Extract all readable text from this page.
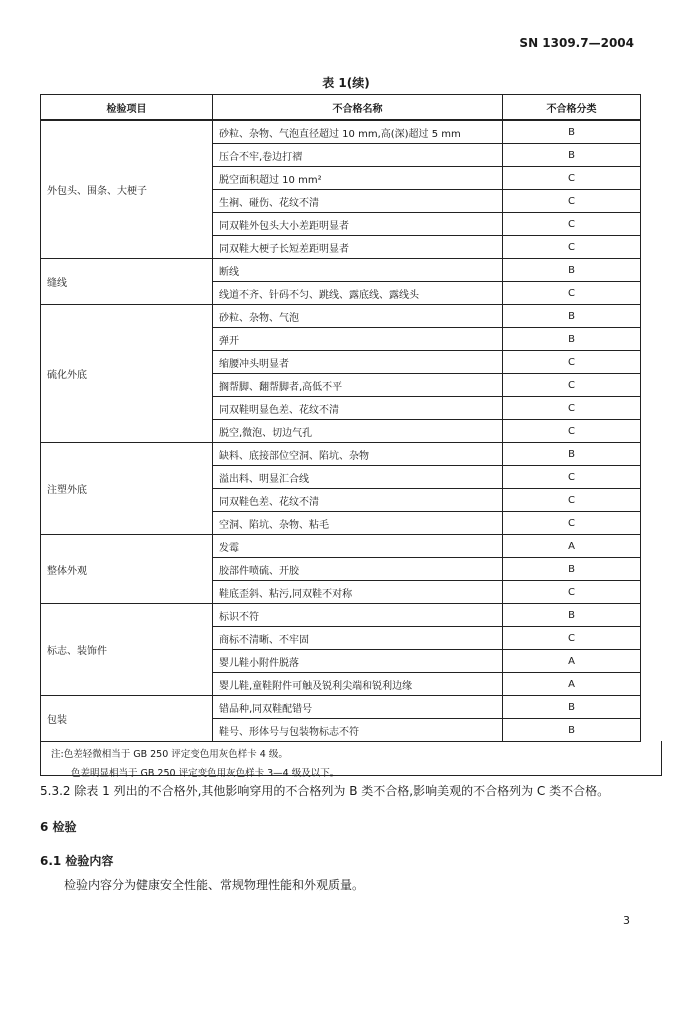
SN 1309.7—2004
表 1(续)
检验项目	不合格名称	不合格分类
外包头、围条、大梗子	砂粒、杂物、气泡直径超过 10 mm,高(深)超过 5 mm	B
	压合不牢,卷边打褶	B
	脱空面积超过 10 mm²	C
	生裥、碰伤、花纹不清	C
	同双鞋外包头大小差距明显者	C
	同双鞋大梗子长短差距明显者	C
缝线	断线	B
	线道不齐、针码不匀、跳线、露底线、露线头	C
硫化外底	砂粒、杂物、气泡	B
	弹开	B
	缩腰冲头明显者	C
	搁帮脚、翻帮脚者,高低不平	C
	同双鞋明显色差、花纹不清	C
	脱空,微泡、切边气孔	C
注塑外底	缺料、底接部位空洞、陷坑、杂物	B
	溢出料、明显汇合线	C
	同双鞋色差、花纹不清	C
	空洞、陷坑、杂物、粘毛	C
整体外观	发霉	A
	胶部件喷硫、开胶	B
	鞋底歪斜、粘污,同双鞋不对称	C
标志、装饰件	标识不符	B
	商标不清晰、不牢固	C
	婴儿鞋小附件脱落	A
	婴儿鞋,童鞋附件可触及锐利尖端和锐利边缘	A
包装	错品种,同双鞋配错号	B
	鞋号、形体号与包装物标志不符	B
注:色差轻微相当于 GB 250 评定变色用灰色样卡 4 级。
色差明显相当于 GB 250 评定变色用灰色样卡 3—4 级及以下。
5.3.2 除表 1 列出的不合格外,其他影响穿用的不合格列为 B 类不合格,影响美观的不合格列为 C 类不合格。
6 检验
6.1 检验内容
检验内容分为健康安全性能、常规物理性能和外观质量。
3
